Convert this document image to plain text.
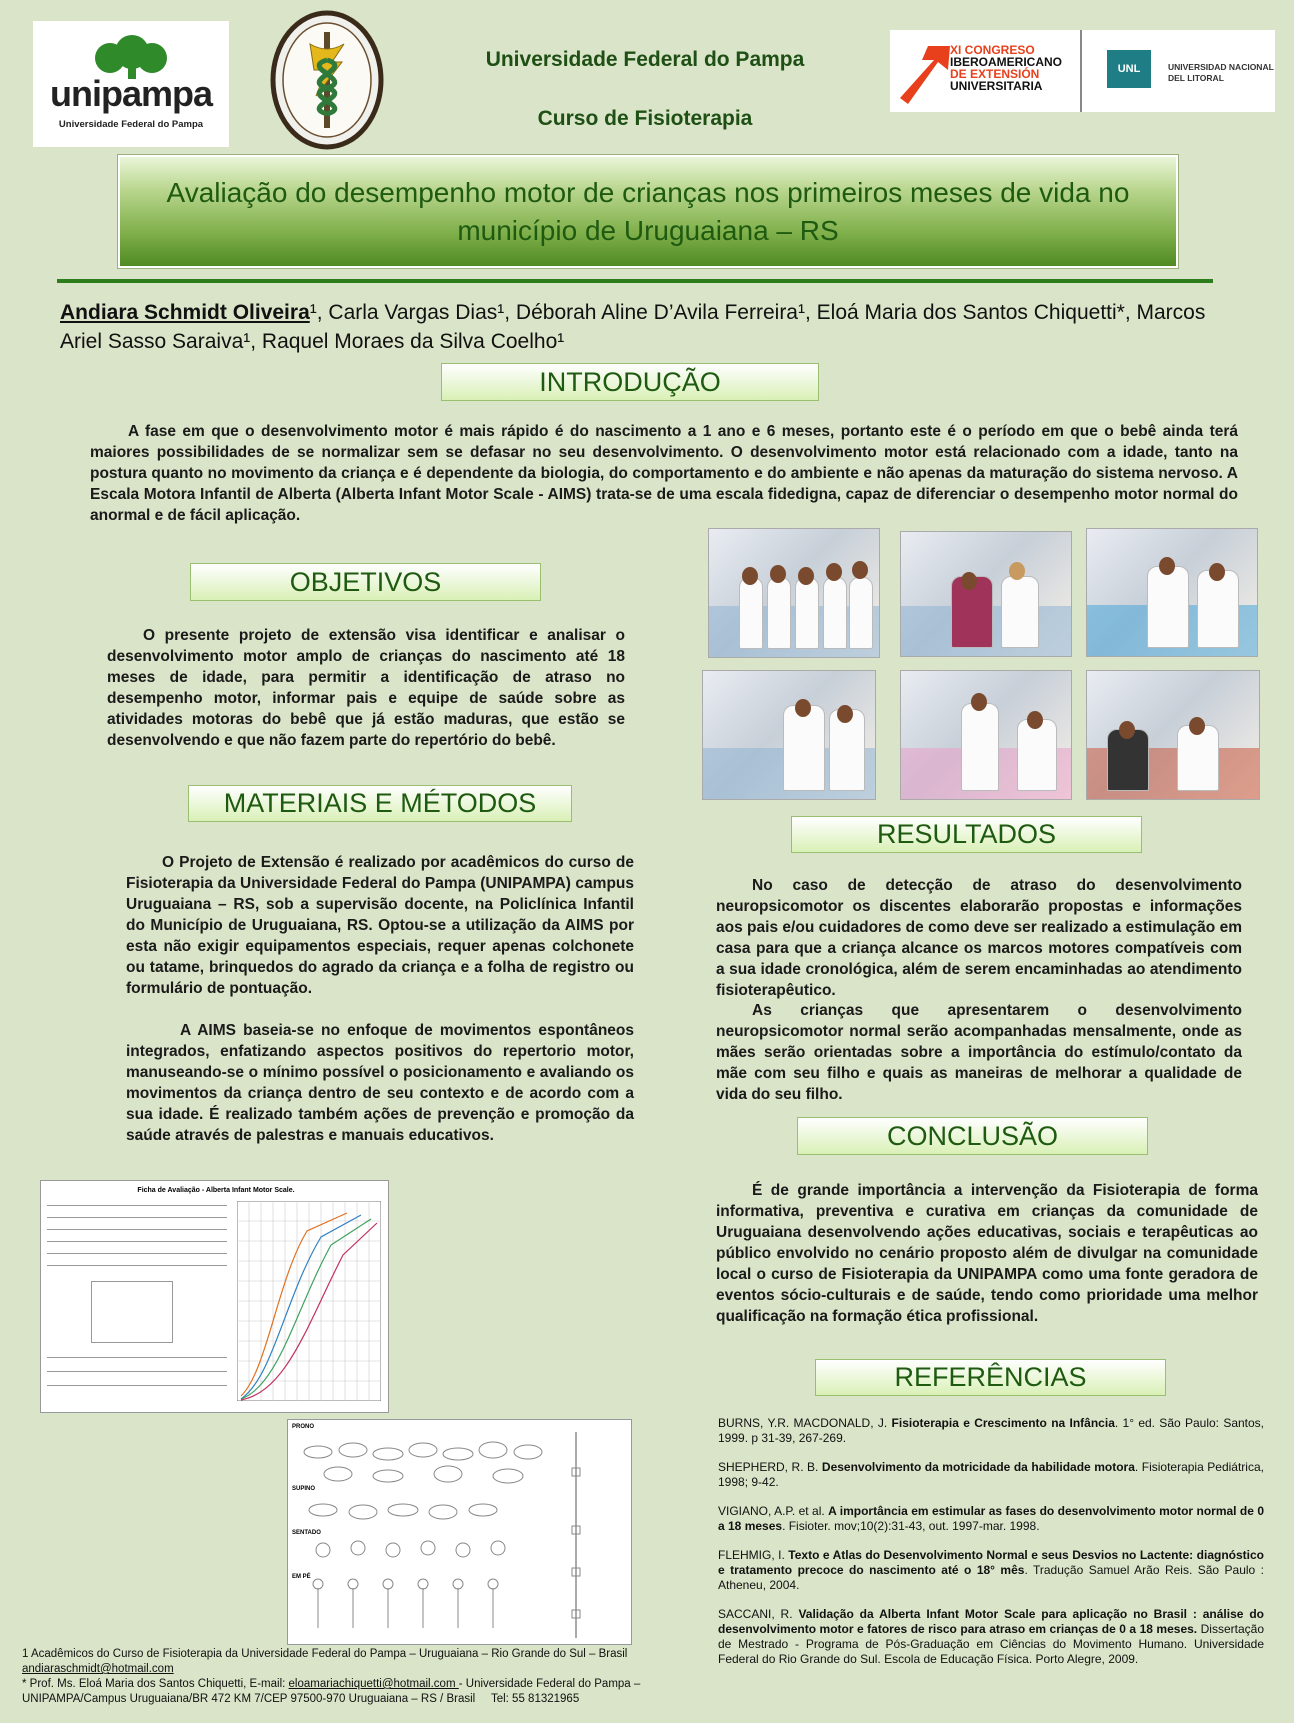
unipampa
Universidade Federal do Pampa
Universidade Federal do Pampa
Curso de Fisioterapia
XI CONGRESO
IBEROAMERICANO
DE EXTENSIÓN
UNIVERSITARIA
UNL	UNIVERSIDAD NACIONAL
DEL LITORAL
Avaliação do desempenho motor de crianças nos primeiros meses de vida no município de Uruguaiana – RS
Andiara Schmidt Oliveira¹, Carla Vargas Dias¹, Déborah Aline D’Avila Ferreira¹, Eloá Maria dos Santos Chiquetti*, Marcos Ariel Sasso Saraiva¹, Raquel Moraes da Silva Coelho¹
INTRODUÇÃO
A fase em que o desenvolvimento motor é mais rápido é do nascimento a 1 ano e 6 meses, portanto este é o período em que o bebê ainda terá maiores possibilidades de se normalizar sem se defasar no seu desenvolvimento. O desenvolvimento motor está relacionado com a idade, tanto na postura quanto no movimento da criança e é dependente da biologia, do comportamento e do ambiente e não apenas da maturação do sistema nervoso. A Escala Motora Infantil de Alberta (Alberta Infant Motor Scale - AIMS) trata-se de uma escala fidedigna, capaz de diferenciar o desempenho motor normal do anormal e de fácil aplicação.
OBJETIVOS
O presente projeto de extensão visa identificar e analisar o desenvolvimento motor amplo de crianças do nascimento até 18 meses de idade, para permitir a identificação de atraso no desempenho motor, informar pais e equipe de saúde sobre as atividades motoras do bebê que já estão maduras, que estão se desenvolvendo e que não fazem parte do repertório do bebê.
MATERIAIS E MÉTODOS
O Projeto de Extensão é realizado por acadêmicos do curso de Fisioterapia da Universidade Federal do Pampa (UNIPAMPA) campus Uruguaiana – RS, sob a supervisão docente, na Policlínica Infantil do Município de Uruguaiana, RS. Optou-se a utilização da AIMS por esta não exigir equipamentos especiais, requer apenas colchonete ou tatame, brinquedos do agrado da criança e a folha de registro ou formulário de pontuação.
A AIMS baseia-se no enfoque de movimentos espontâneos integrados, enfatizando aspectos positivos do repertorio motor, manuseando-se o mínimo possível o posicionamento e avaliando os movimentos da criança dentro de seu contexto e de acordo com a sua idade. É realizado também ações de prevenção e promoção da saúde através de palestras e manuais educativos.
RESULTADOS
No caso de detecção de atraso do desenvolvimento neuropsicomotor os discentes elaborarão propostas e informações aos pais e/ou cuidadores de como deve ser realizado a estimulação em casa para que a criança alcance os marcos motores compatíveis com a sua idade cronológica, além de serem encaminhadas ao atendimento fisioterapêutico.
As crianças que apresentarem o desenvolvimento neuropsicomotor normal serão acompanhadas mensalmente, onde as mães serão orientadas sobre a importância do estímulo/contato da mãe com seu filho e quais as maneiras de melhorar a qualidade de vida do seu filho.
CONCLUSÃO
É de grande importância a intervenção da Fisioterapia de forma informativa, preventiva e curativa em crianças da comunidade de Uruguaiana desenvolvendo ações educativas, sociais e terapêuticas ao público envolvido no cenário proposto além de divulgar na comunidade local o curso de Fisioterapia da UNIPAMPA como uma fonte geradora de eventos sócio-culturais e de saúde, tendo como prioridade uma melhor qualificação na formação ética profissional.
REFERÊNCIAS
BURNS, Y.R. MACDONALD, J. Fisioterapia e Crescimento na Infância. 1° ed. São Paulo: Santos, 1999. p 31-39, 267-269.
SHEPHERD, R. B. Desenvolvimento da motricidade da habilidade motora. Fisioterapia Pediátrica, 1998; 9-42.
VIGIANO, A.P. et al. A importância em estimular as fases do desenvolvimento motor normal de 0 a 18 meses. Fisioter. mov;10(2):31-43, out. 1997-mar. 1998.
FLEHMIG, I. Texto e Atlas do Desenvolvimento Normal e seus Desvios no Lactente: diagnóstico e tratamento precoce do nascimento até o 18° mês. Tradução Samuel Arão Reis. São Paulo : Atheneu, 2004.
SACCANI, R. Validação da Alberta Infant Motor Scale para aplicação no Brasil : análise do desenvolvimento motor e fatores de risco para atraso em crianças de 0 a 18 meses. Dissertação de Mestrado - Programa de Pós-Graduação em Ciências do Movimento Humano. Universidade Federal do Rio Grande do Sul. Escola de Educação Física. Porto Alegre, 2009.
Ficha de Avaliação - Alberta Infant Motor Scale.
PRONO
SUPINO
SENTADO
EM PÉ
1 Acadêmicos do Curso de Fisioterapia da Universidade Federal do Pampa – Uruguaiana – Rio Grande do Sul – Brasil
andiaraschmidt@hotmail.com
* Prof. Ms. Eloá Maria dos Santos Chiquetti, E-mail: eloamariachiquetti@hotmail.com - Universidade Federal do Pampa –
UNIPAMPA/Campus Uruguaiana/BR 472 KM 7/CEP 97500-970 Uruguaiana – RS / Brasil     Tel: 55 81321965
